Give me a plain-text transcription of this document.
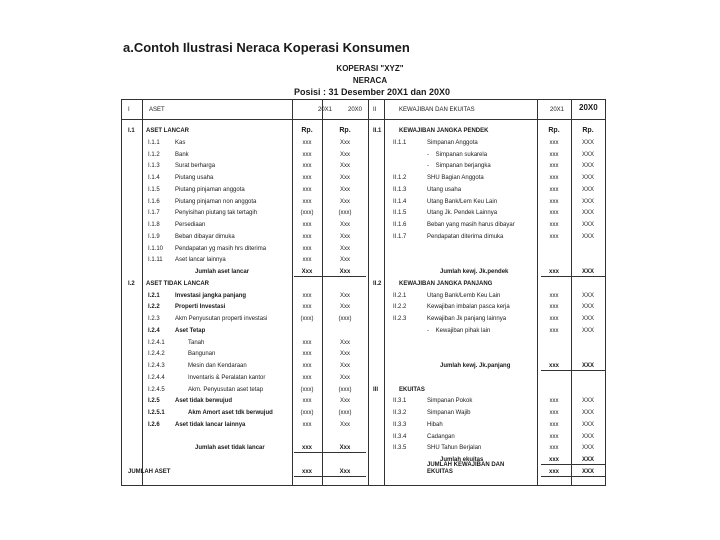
a.Contoh Ilustrasi Neraca Koperasi Konsumen
KOPERASI "XYZ"
NERACA
Posisi : 31 Desember 20X1 dan 20X0
I	ASET	20X1	20X0 II	KEWAJIBAN DAN EKUITAS	20X1 20X0
I.1 ASET LANCAR	Rp.	Rp.
I.1.1	Kas	xxx	Xxx
I.1.2	Bank	xxx	Xxx
I.1.3	Surat berharga	xxx	Xxx
I.1.4	Piutang usaha	xxx	Xxx
I.1.5	Piutang pinjaman anggota	xxx	Xxx
I.1.6	Piutang pinjaman non anggota	xxx	Xxx
I.1.7	Penyisihan piutang tak tertagih	(xxx)	(xxx)
I.1.8	Persediaan	xxx	Xxx
I.1.9	Beban dibayar dimuka	xxx	Xxx
I.1.10 Pendapatan yg masih hrs diterima	xxx	Xxx
I.1.11 Aset lancar lainnya	xxx	Xxx
Jumlah aset lancar	Xxx	Xxx
I.2 ASET TIDAK LANCAR
I.2.1	Investasi jangka panjang	xxx	Xxx
I.2.2	Properti Investasi	xxx	Xxx
I.2.3	Akm Penyusutan properti investasi	(xxx)	(xxx)
I.2.4	Aset Tetap
I.2.4.1	Tanah	xxx	Xxx
I.2.4.2	Bangunan	xxx	Xxx
I.2.4.3	Mesin dan Kendaraan	xxx	Xxx
I.2.4.4	Inventaris & Peralatan kantor	xxx	Xxx
I.2.4.5	Akm. Penyusutan aset tetap	(xxx)	(xxx)
I.2.5	Aset tidak berwujud	xxx	Xxx
I.2.5.1	Akm Amort aset tdk berwujud	(xxx)	(xxx)
I.2.6	Aset tidak lancar lainnya	xxx	Xxx
Jumlah aset tidak lancar	xxx	Xxx
JUMLAH ASET	xxx	Xxx
II.1	KEWAJIBAN JANGKA PENDEK	Rp.	Rp.
II.1.1	Simpanan Anggota	xxx	XXX
-    Simpanan sukarela	xxx	XXX
-    Simpanan berjangka	xxx	XXX
II.1.2	SHU Bagian Anggota	xxx	XXX
II.1.3	Utang usaha	xxx	XXX
II.1.4	Utang Bank/Lem Keu Lain	xxx	XXX
II.1.5	Utang Jk. Pendek Lainnya	xxx	XXX
II.1.6	Beban yang masih harus dibayar	xxx	XXX
II.1.7	Pendapatan diterima dimuka	xxx	XXX
Jumlah kewj. Jk.pendek	xxx	XXX
II.2	KEWAJIBAN JANGKA PANJANG
II.2.1	Utang Bank/Lemb Keu Lain	xxx	XXX
II.2.2	Kewajiban imbalan pasca kerja	xxx	XXX
II.2.3	Kewajiban Jk panjang lainnya	xxx	XXX
-    Kewajiban pihak lain	xxx	XXX
Jumlah kewj. Jk.panjang	xxx	XXX
III	EKUITAS
II.3.1	Simpanan Pokok	xxx	XXX
II.3.2	Simpanan Wajib	xxx	XXX
II.3.3	Hibah	xxx	XXX
II.3.4	Cadangan	xxx	XXX
II.3.5	SHU Tahun Berjalan	xxx	XXX
Jumlah ekuitas	xxx	XXX
JUMLAH KEWAJIBAN DAN
EKUITAS	xxx	XXX
